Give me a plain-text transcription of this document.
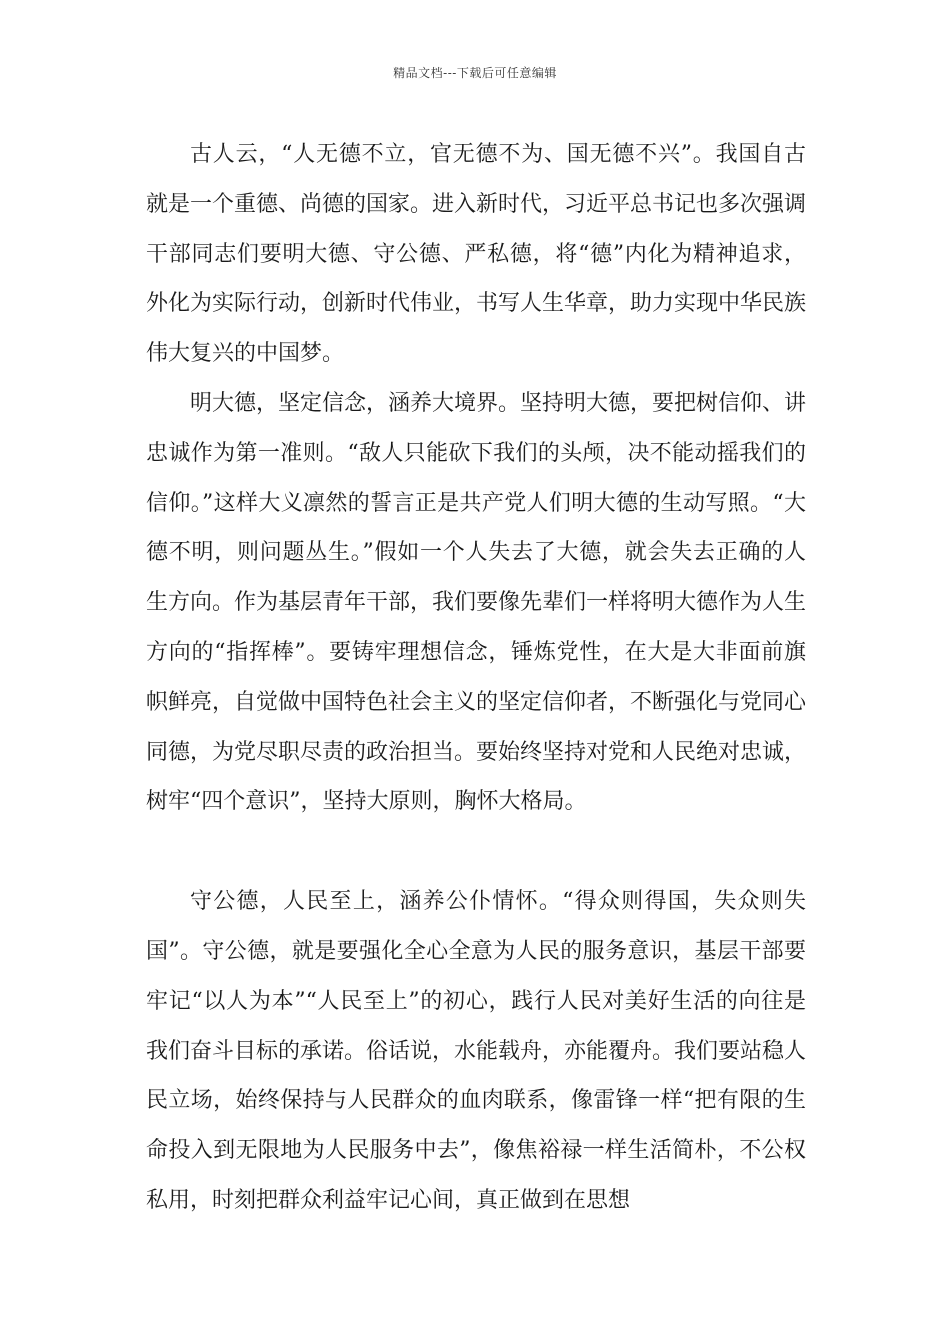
精品文档---下载后可任意编辑

古人云，“人无德不立，官无德不为、国无德不兴”。我国自古就是一个重德、尚德的国家。进入新时代，习近平总书记也多次强调干部同志们要明大德、守公德、严私德，将“德”内化为精神追求，外化为实际行动，创新时代伟业，书写人生华章，助力实现中华民族伟大复兴的中国梦。

明大德，坚定信念，涵养大境界。坚持明大德，要把树信仰、讲忠诚作为第一准则。“敌人只能砍下我们的头颅，决不能动摇我们的信仰。”这样大义凛然的誓言正是共产党人们明大德的生动写照。“大德不明，则问题丛生。”假如一个人失去了大德，就会失去正确的人生方向。作为基层青年干部，我们要像先辈们一样将明大德作为人生方向的“指挥棒”。要铸牢理想信念，锤炼党性，在大是大非面前旗帜鲜亮，自觉做中国特色社会主义的坚定信仰者，不断强化与党同心同德，为党尽职尽责的政治担当。要始终坚持对党和人民绝对忠诚，树牢“四个意识”，坚持大原则，胸怀大格局。

守公德，人民至上，涵养公仆情怀。“得众则得国，失众则失国”。守公德，就是要强化全心全意为人民的服务意识，基层干部要牢记“以人为本”“人民至上”的初心，践行人民对美好生活的向往是我们奋斗目标的承诺。俗话说，水能载舟，亦能覆舟。我们要站稳人民立场，始终保持与人民群众的血肉联系，像雷锋一样“把有限的生命投入到无限地为人民服务中去”，像焦裕禄一样生活简朴，不公权私用，时刻把群众利益牢记心间，真正做到在思想
